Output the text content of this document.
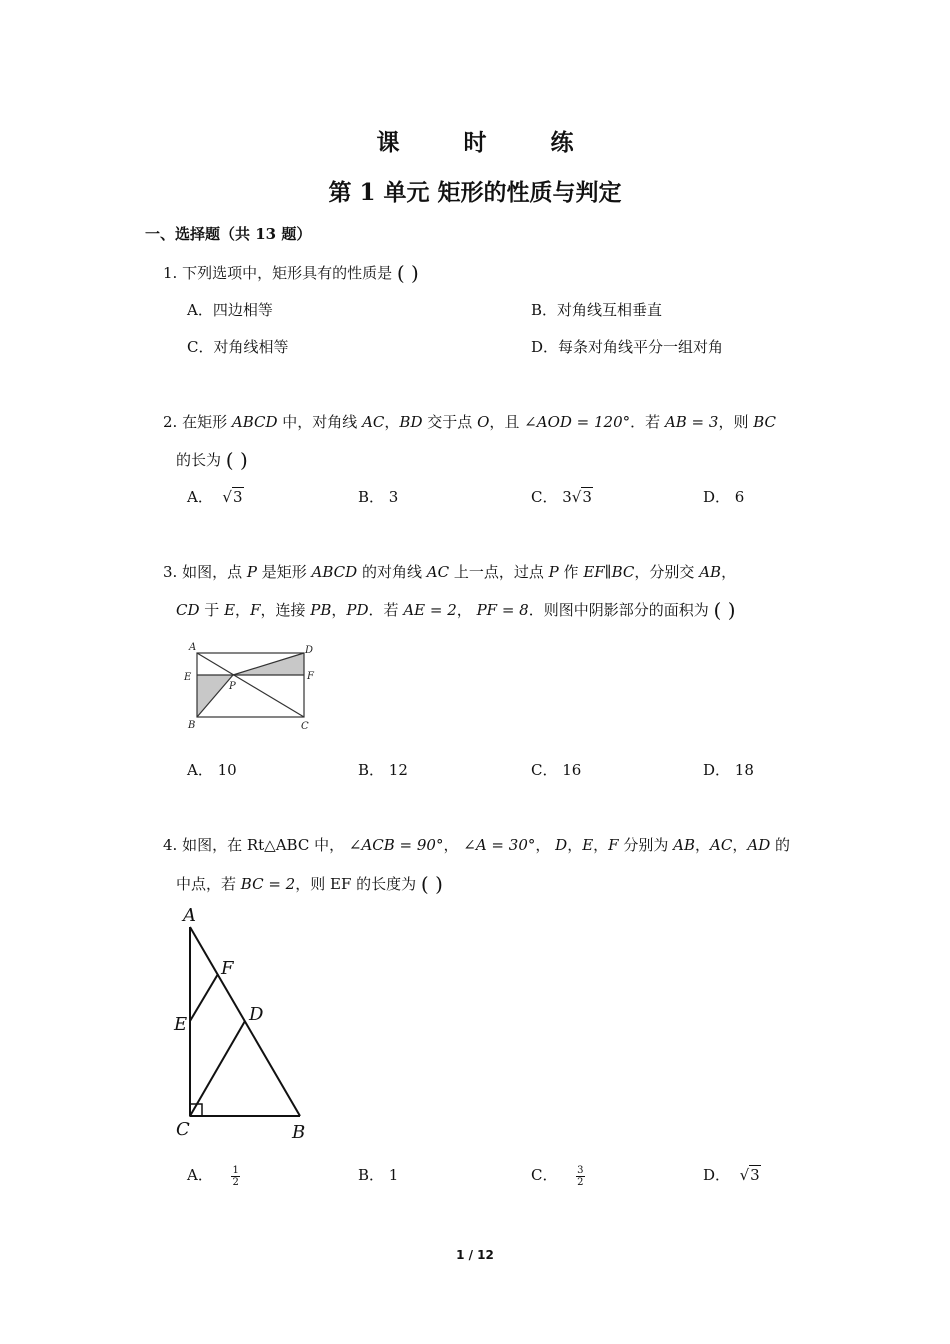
课 时 练
第 1 单元 矩形的性质与判定
一、选择题（共 13 题）
1. 下列选项中，矩形具有的性质是 ( )
A．四边相等	B．对角线互相垂直
C．对角线相等	D．每条对角线平分一组对角
2. 在矩形 ABCD 中，对角线 AC，BD 交于点 O，且 ∠AOD = 120°．若 AB = 3，则 BC
的长为 ( )
A．  √3	B． 3	C． 3√3	D． 6
3. 如图，点 P 是矩形 ABCD 的对角线 AC 上一点，过点 P 作 EF∥BC，分别交 AB，
CD 于 E，F，连接 PB，PD．若 AE = 2， PF = 8．则图中阴影部分的面积为 ( )
A	D
E	F
P
B	C
A． 10	B． 12	C． 16	D． 18
4. 如图，在 Rt△ABC 中， ∠ACB = 90°， ∠A = 30°， D，E，F 分别为 AB，AC，AD 的
中点，若 BC = 2，则 EF 的长度为 ( )
A
F
E	D
C	B
A． $\frac{1}{2}$	B． 1	C． $\frac{3}{2}$	D．  √3
1 / 12
